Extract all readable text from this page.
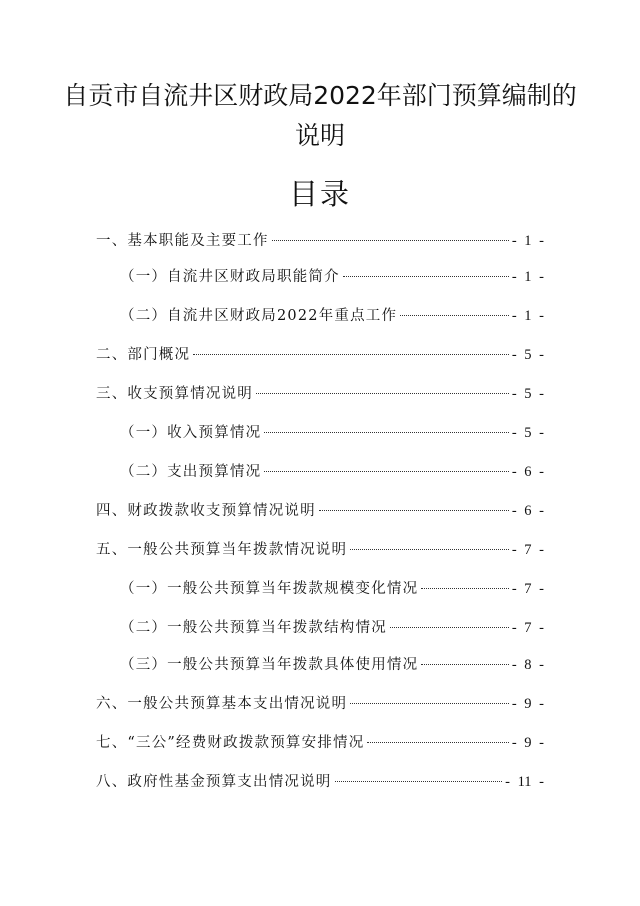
自贡市自流井区财政局2022年部门预算编制的说明
目录
一、基本职能及主要工作	- 1 -
（一）自流井区财政局职能简介	- 1 -
（二）自流井区财政局2022年重点工作	- 1 -
二、部门概况	- 5 -
三、收支预算情况说明	- 5 -
（一）收入预算情况	- 5 -
（二）支出预算情况	- 6 -
四、财政拨款收支预算情况说明	- 6 -
五、一般公共预算当年拨款情况说明	- 7 -
（一）一般公共预算当年拨款规模变化情况	- 7 -
（二）一般公共预算当年拨款结构情况	- 7 -
（三）一般公共预算当年拨款具体使用情况	- 8 -
六、一般公共预算基本支出情况说明	- 9 -
七、“三公”经费财政拨款预算安排情况	- 9 -
八、政府性基金预算支出情况说明	- 11 -
